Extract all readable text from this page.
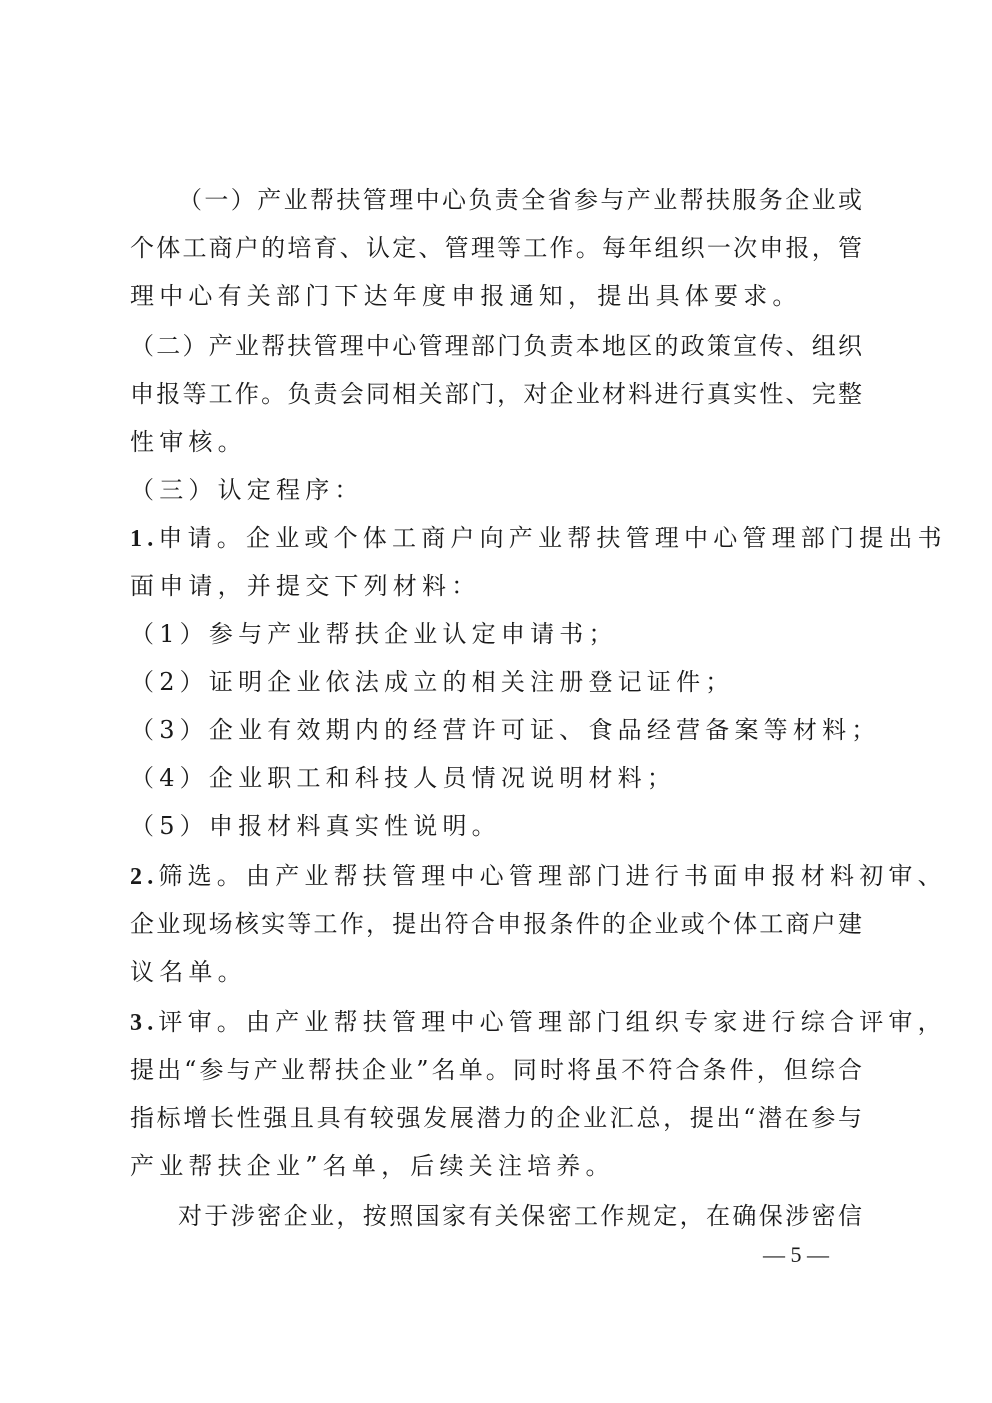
（一）产业帮扶管理中心负责全省参与产业帮扶服务企业或
个体工商户的培育、认定、管理等工作。每年组织一次申报，管
理中心有关部门下达年度申报通知，提出具体要求。
（二）产业帮扶管理中心管理部门负责本地区的政策宣传、组织
申报等工作。负责会同相关部门，对企业材料进行真实性、完整
性审核。
（三）认定程序：
1.申请。企业或个体工商户向产业帮扶管理中心管理部门提出书
面申请，并提交下列材料：
（1）参与产业帮扶企业认定申请书；
（2）证明企业依法成立的相关注册登记证件；
（3）企业有效期内的经营许可证、食品经营备案等材料；
（4）企业职工和科技人员情况说明材料；
（5）申报材料真实性说明。
2.筛选。由产业帮扶管理中心管理部门进行书面申报材料初审、
企业现场核实等工作，提出符合申报条件的企业或个体工商户建
议名单。
3.评审。由产业帮扶管理中心管理部门组织专家进行综合评审，
提出“参与产业帮扶企业”名单。同时将虽不符合条件，但综合
指标增长性强且具有较强发展潜力的企业汇总，提出“潜在参与
产业帮扶企业”名单，后续关注培养。
对于涉密企业，按照国家有关保密工作规定，在确保涉密信
— 5 —
